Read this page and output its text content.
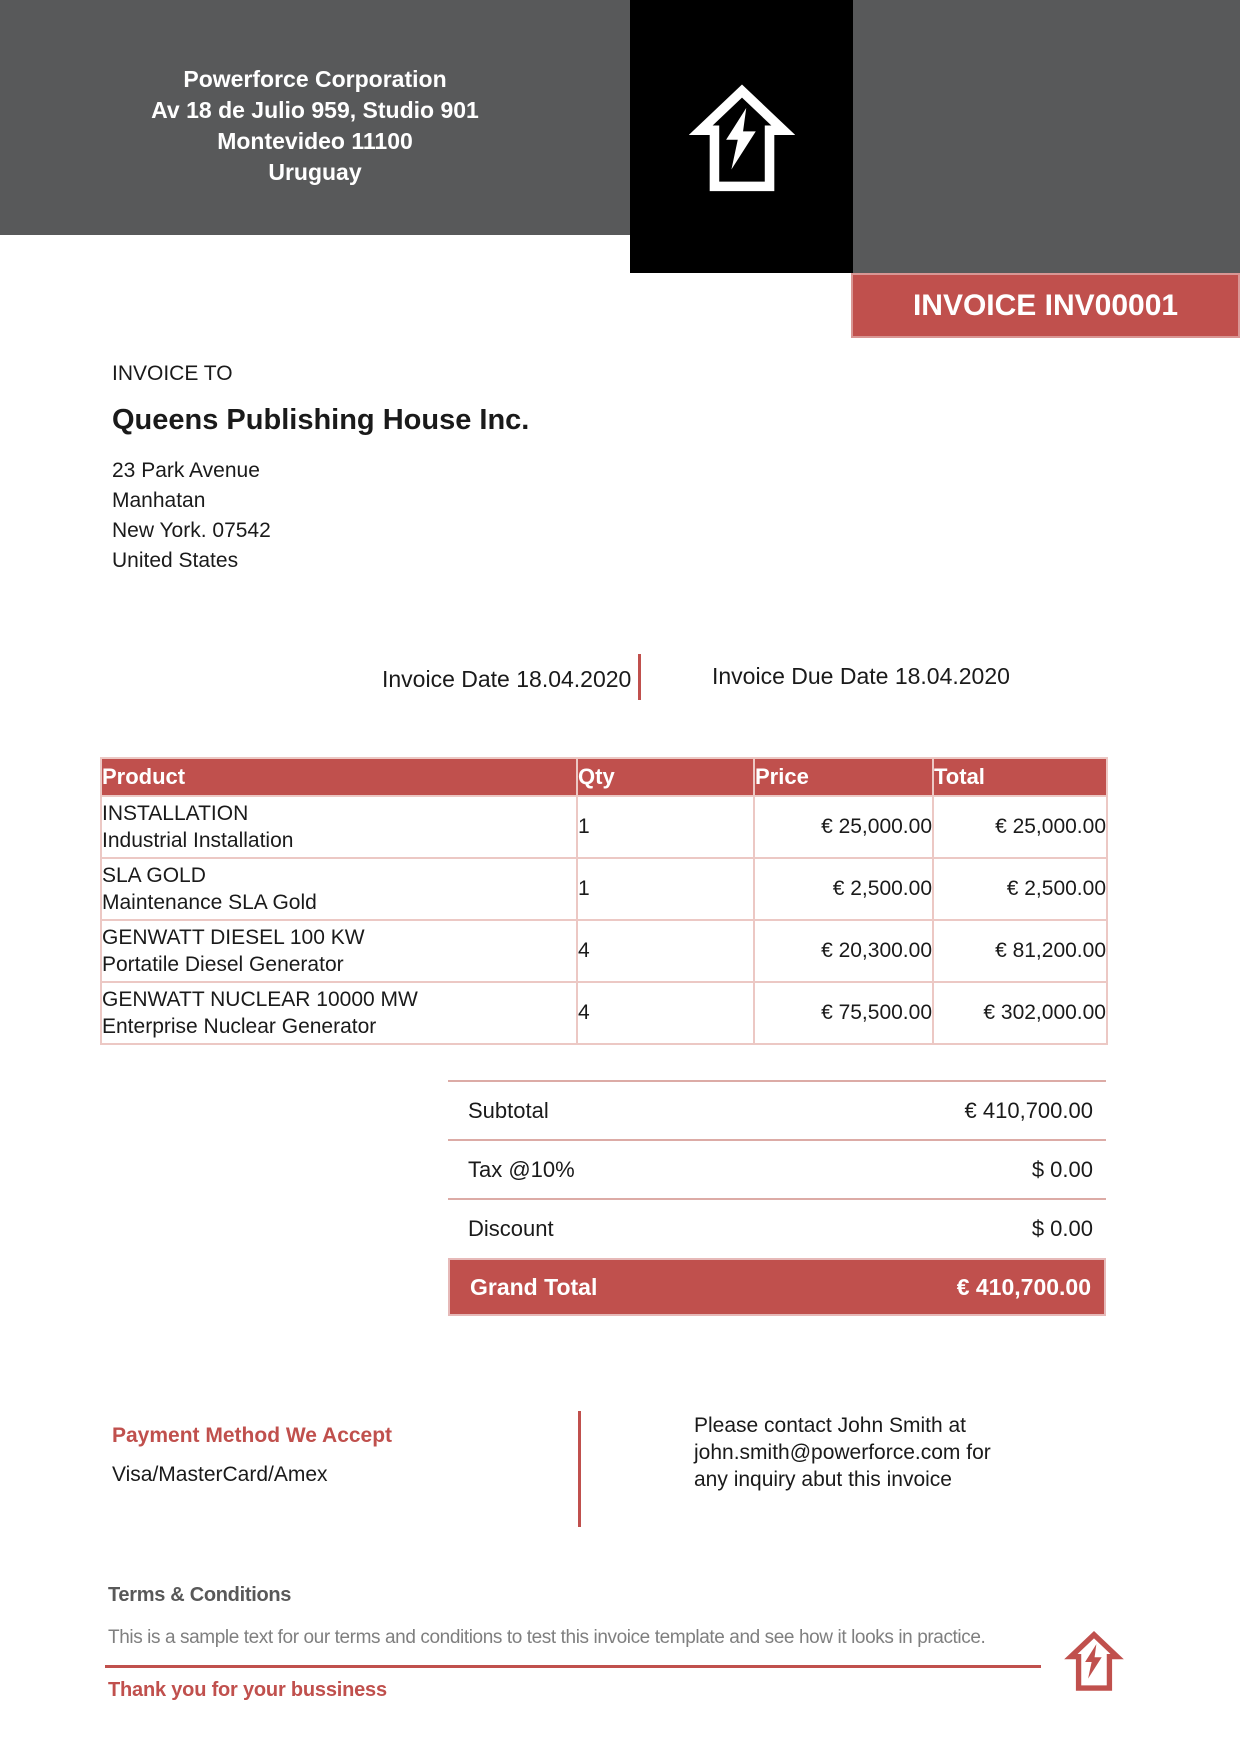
Powerforce Corporation
Av 18 de Julio 959, Studio 901
Montevideo 11100
Uruguay
INVOICE INV00001
INVOICE TO
Queens Publishing House Inc.
23 Park Avenue
Manhatan
New York. 07542
United States
Invoice Date 18.04.2020	Invoice Due Date 18.04.2020
Product	Qty	Price	Total

INSTALLATION
Industrial Installation	1	€ 25,000.00	€ 25,000.00

SLA GOLD
Maintenance SLA Gold	1	€ 2,500.00	€ 2,500.00

GENWATT DIESEL 100 KW
Portatile Diesel Generator	4	€ 20,300.00	€ 81,200.00

GENWATT NUCLEAR 10000 MW
Enterprise Nuclear Generator	4	€ 75,500.00	€ 302,000.00
Subtotal	€ 410,700.00
Tax @10%	$ 0.00
Discount	$ 0.00
Grand Total	€ 410,700.00
Payment Method We Accept
Visa/MasterCard/Amex
Please contact John Smith at
john.smith@powerforce.com for
any inquiry abut this invoice
Terms & Conditions
This is a sample text for our terms and conditions to test this invoice template and see how it looks in practice.
Thank you for your bussiness
